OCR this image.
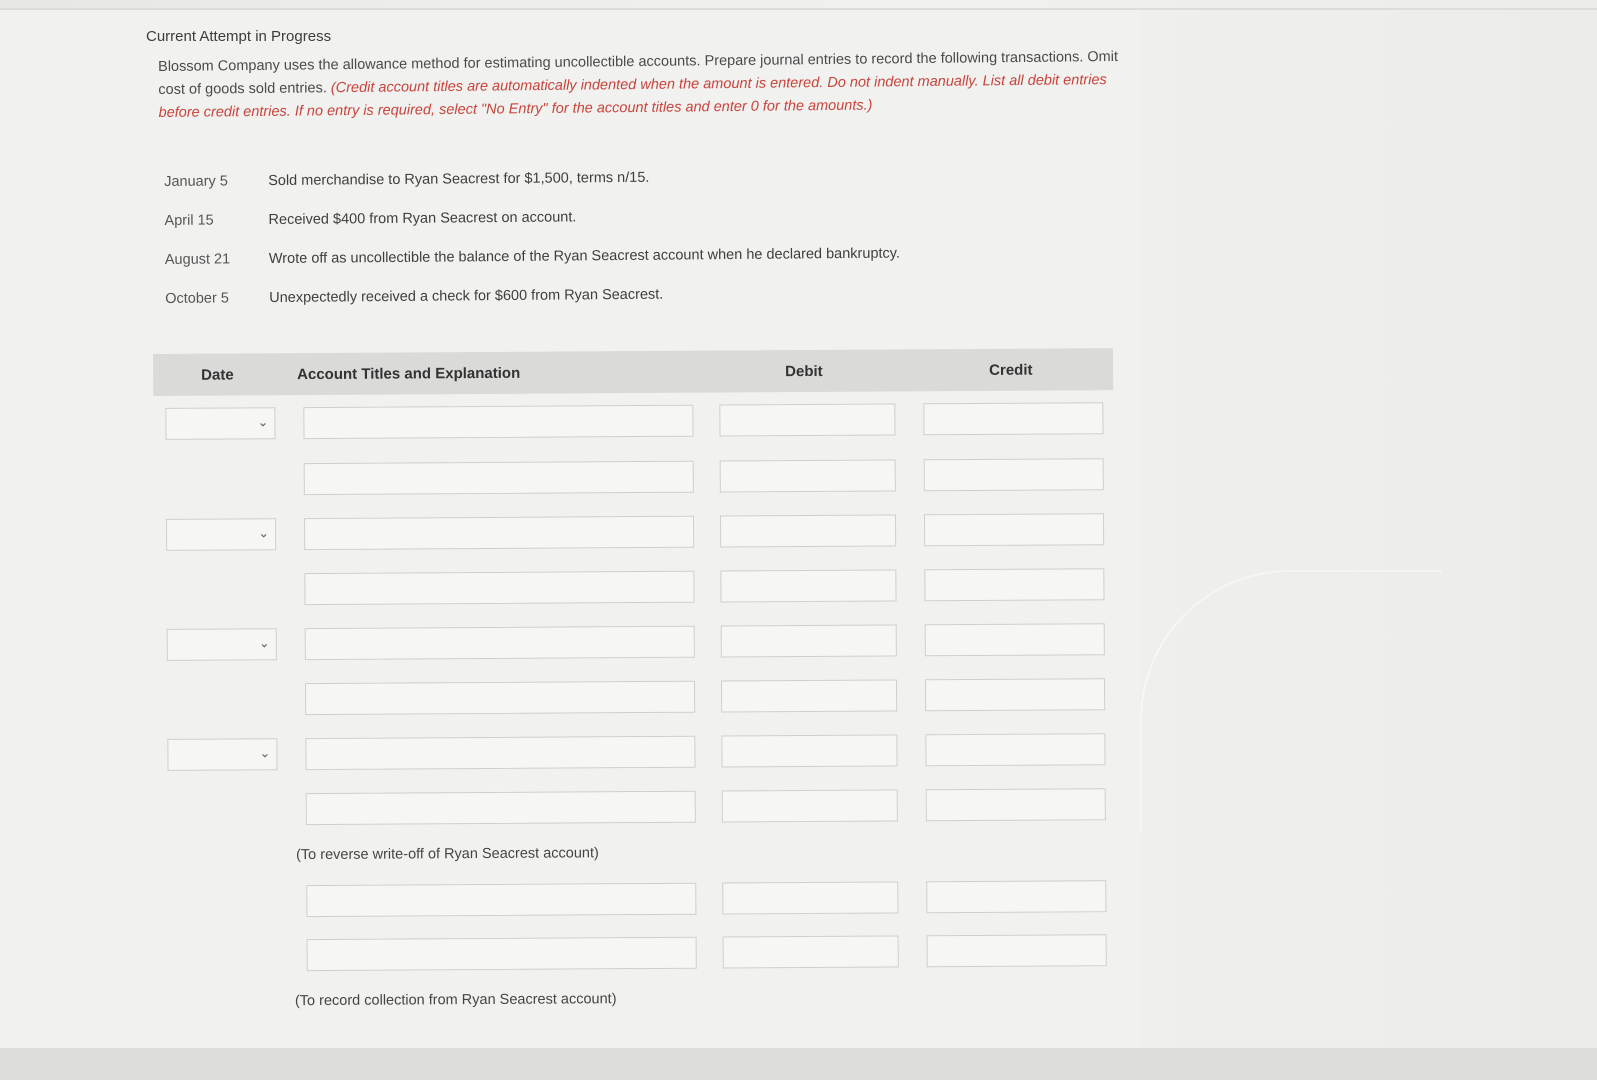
Current Attempt in Progress
Blossom Company uses the allowance method for estimating uncollectible accounts. Prepare journal entries to record the following transactions. Omit cost of goods sold entries. (Credit account titles are automatically indented when the amount is entered. Do not indent manually. List all debit entries before credit entries. If no entry is required, select "No Entry" for the account titles and enter 0 for the amounts.)
January 5	Sold merchandise to Ryan Seacrest for $1,500, terms n/15.
April 15	Received $400 from Ryan Seacrest on account.
August 21	Wrote off as uncollectible the balance of the Ryan Seacrest account when he declared bankruptcy.
October 5	Unexpectedly received a check for $600 from Ryan Seacrest.
Date	Account Titles and Explanation	Debit	Credit
⌄
⌄
⌄
⌄
(To reverse write-off of Ryan Seacrest account)
(To record collection from Ryan Seacrest account)
